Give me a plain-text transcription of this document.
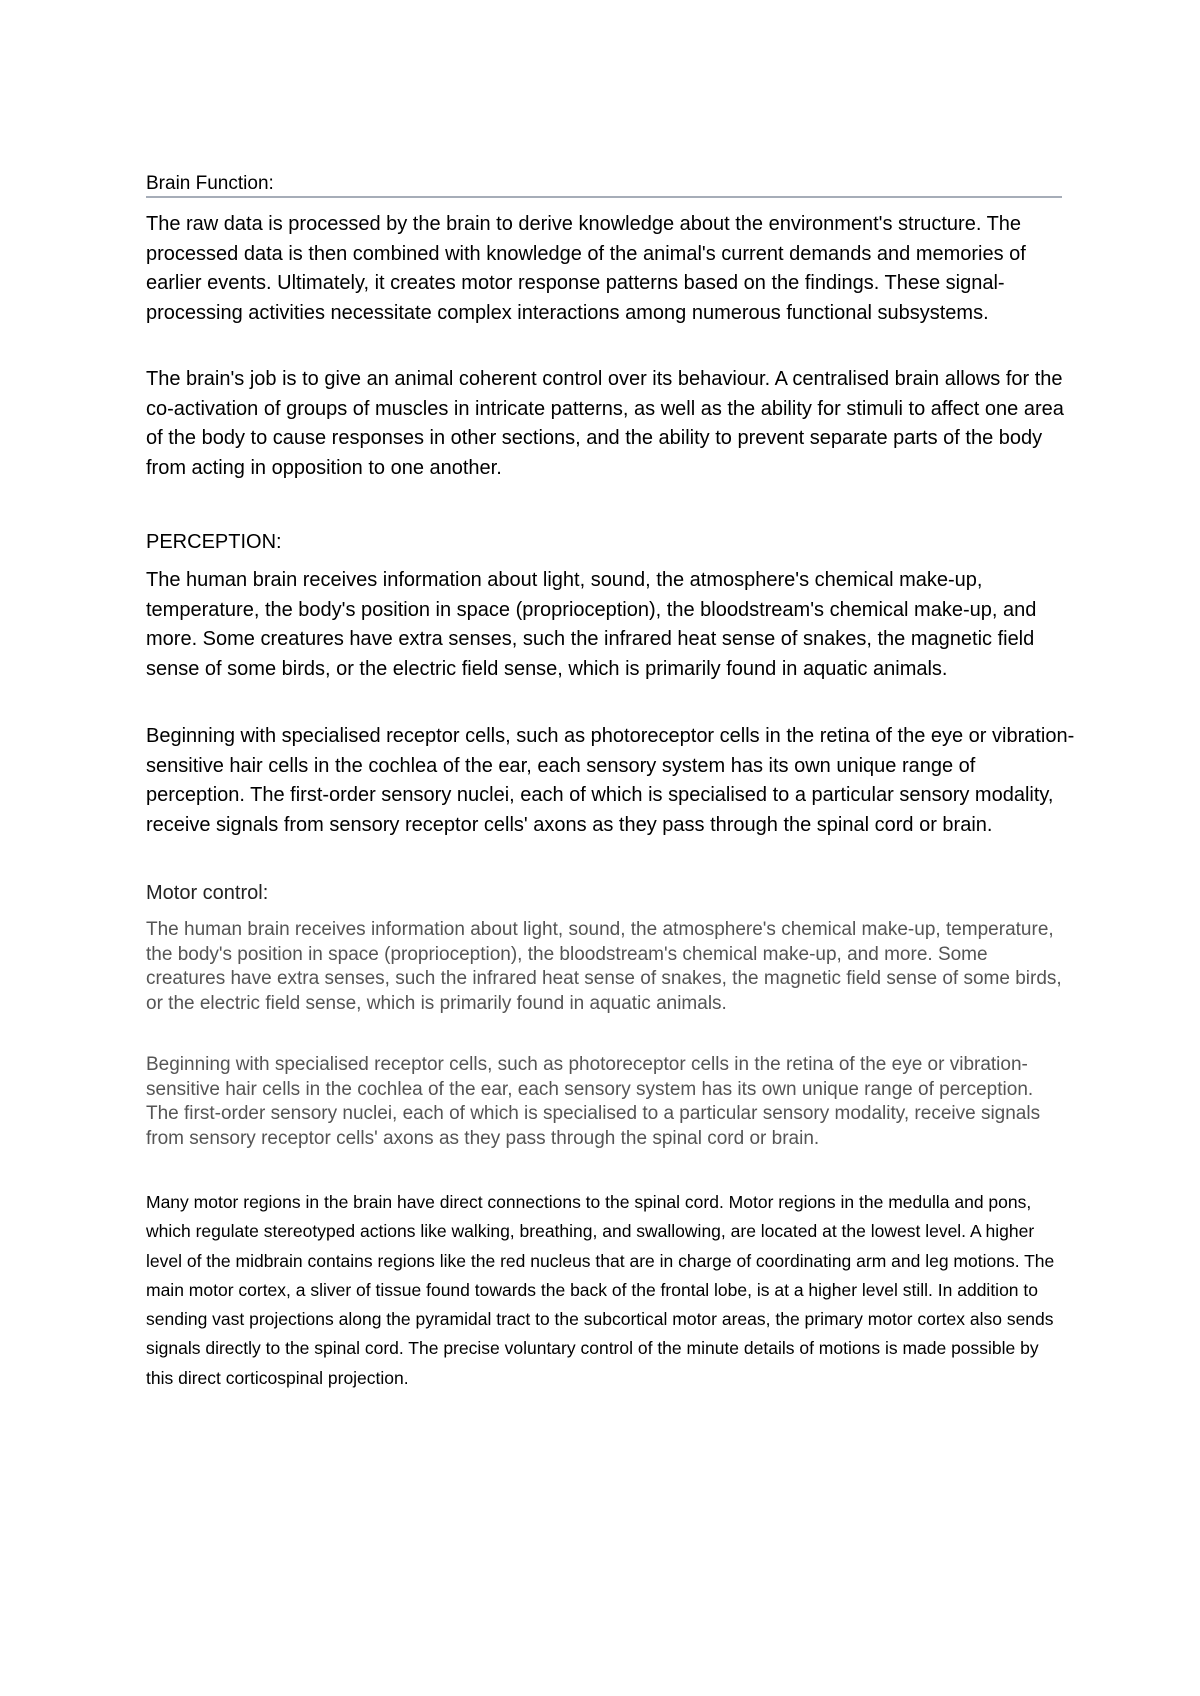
Brain Function:

The raw data is processed by the brain to derive knowledge about the environment's structure. The processed data is then combined with knowledge of the animal's current demands and memories of earlier events. Ultimately, it creates motor response patterns based on the findings. These signal-processing activities necessitate complex interactions among numerous functional subsystems.

The brain's job is to give an animal coherent control over its behaviour. A centralised brain allows for the co-activation of groups of muscles in intricate patterns, as well as the ability for stimuli to affect one area of the body to cause responses in other sections, and the ability to prevent separate parts of the body from acting in opposition to one another.

PERCEPTION:

The human brain receives information about light, sound, the atmosphere's chemical make-up, temperature, the body's position in space (proprioception), the bloodstream's chemical make-up, and more. Some creatures have extra senses, such the infrared heat sense of snakes, the magnetic field sense of some birds, or the electric field sense, which is primarily found in aquatic animals.

Beginning with specialised receptor cells, such as photoreceptor cells in the retina of the eye or vibration-sensitive hair cells in the cochlea of the ear, each sensory system has its own unique range of perception. The first-order sensory nuclei, each of which is specialised to a particular sensory modality, receive signals from sensory receptor cells' axons as they pass through the spinal cord or brain.

Motor control:

The human brain receives information about light, sound, the atmosphere's chemical make-up, temperature, the body's position in space (proprioception), the bloodstream's chemical make-up, and more. Some creatures have extra senses, such the infrared heat sense of snakes, the magnetic field sense of some birds, or the electric field sense, which is primarily found in aquatic animals.

Beginning with specialised receptor cells, such as photoreceptor cells in the retina of the eye or vibration-sensitive hair cells in the cochlea of the ear, each sensory system has its own unique range of perception. The first-order sensory nuclei, each of which is specialised to a particular sensory modality, receive signals from sensory receptor cells' axons as they pass through the spinal cord or brain.

Many motor regions in the brain have direct connections to the spinal cord. Motor regions in the medulla and pons, which regulate stereotyped actions like walking, breathing, and swallowing, are located at the lowest level. A higher level of the midbrain contains regions like the red nucleus that are in charge of coordinating arm and leg motions. The main motor cortex, a sliver of tissue found towards the back of the frontal lobe, is at a higher level still. In addition to sending vast projections along the pyramidal tract to the subcortical motor areas, the primary motor cortex also sends signals directly to the spinal cord. The precise voluntary control of the minute details of motions is made possible by this direct corticospinal projection.
